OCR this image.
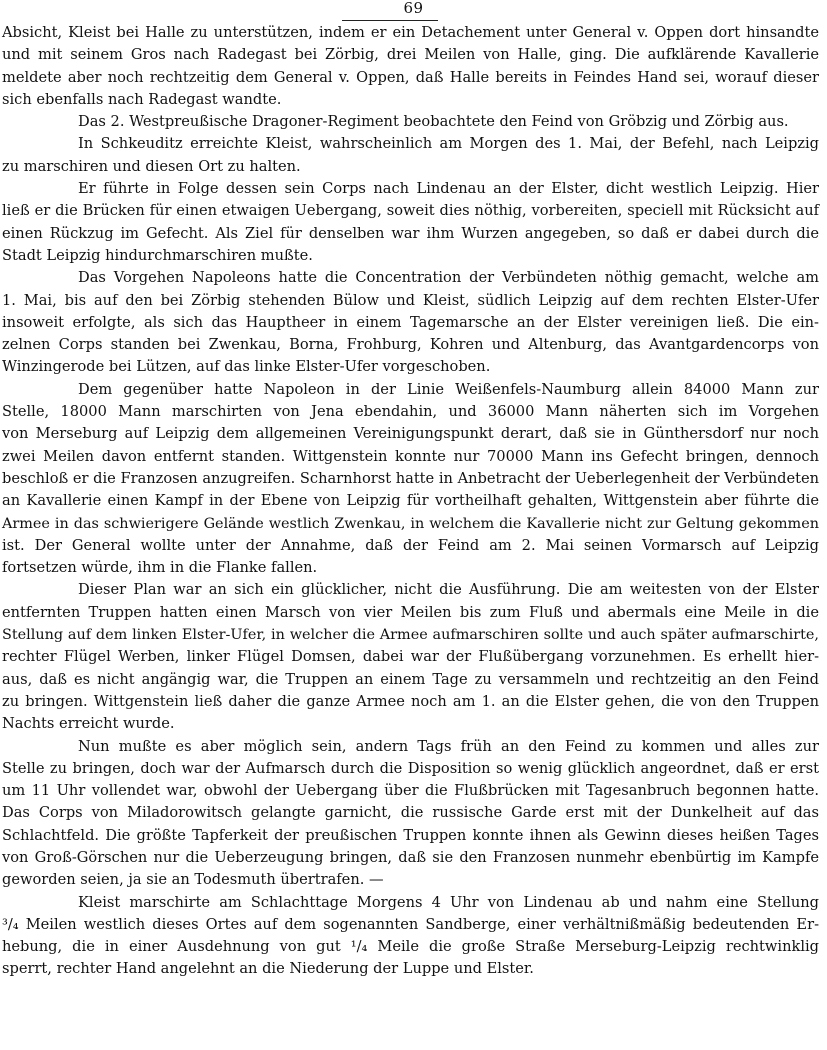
69
Absicht, Kleist bei Halle zu unterstützen, indem er ein Detachement unter General v. Oppen dort hinsandte
und mit seinem Gros nach Radegast bei Zörbig, drei Meilen von Halle, ging. Die aufklärende Kavallerie
meldete aber noch rechtzeitig dem General v. Oppen, daß Halle bereits in Feindes Hand sei, worauf dieser
sich ebenfalls nach Radegast wandte.
Das 2. Westpreußische Dragoner-Regiment beobachtete den Feind von Gröbzig und Zörbig aus.
In Schkeuditz erreichte Kleist, wahrscheinlich am Morgen des 1. Mai, der Befehl, nach Leipzig
zu marschiren und diesen Ort zu halten.
Er führte in Folge dessen sein Corps nach Lindenau an der Elster, dicht westlich Leipzig. Hier
ließ er die Brücken für einen etwaigen Uebergang, soweit dies nöthig, vorbereiten, speciell mit Rücksicht auf
einen Rückzug im Gefecht. Als Ziel für denselben war ihm Wurzen angegeben, so daß er dabei durch die
Stadt Leipzig hindurchmarschiren mußte.
Das Vorgehen Napoleons hatte die Concentration der Verbündeten nöthig gemacht, welche am
1. Mai, bis auf den bei Zörbig stehenden Bülow und Kleist, südlich Leipzig auf dem rechten Elster-Ufer
insoweit erfolgte, als sich das Hauptheer in einem Tagemarsche an der Elster vereinigen ließ. Die ein-
zelnen Corps standen bei Zwenkau, Borna, Frohburg, Kohren und Altenburg, das Avantgardencorps von
Winzingerode bei Lützen, auf das linke Elster-Ufer vorgeschoben.
Dem gegenüber hatte Napoleon in der Linie Weißenfels-Naumburg allein 84000 Mann zur
Stelle, 18000 Mann marschirten von Jena ebendahin, und 36000 Mann näherten sich im Vorgehen
von Merseburg auf Leipzig dem allgemeinen Vereinigungspunkt derart, daß sie in Günthersdorf nur noch
zwei Meilen davon entfernt standen. Wittgenstein konnte nur 70000 Mann ins Gefecht bringen, dennoch
beschloß er die Franzosen anzugreifen. Scharnhorst hatte in Anbetracht der Ueberlegenheit der Verbündeten
an Kavallerie einen Kampf in der Ebene von Leipzig für vortheilhaft gehalten, Wittgenstein aber führte die
Armee in das schwierigere Gelände westlich Zwenkau, in welchem die Kavallerie nicht zur Geltung gekommen
ist. Der General wollte unter der Annahme, daß der Feind am 2. Mai seinen Vormarsch auf Leipzig
fortsetzen würde, ihm in die Flanke fallen.
Dieser Plan war an sich ein glücklicher, nicht die Ausführung. Die am weitesten von der Elster
entfernten Truppen hatten einen Marsch von vier Meilen bis zum Fluß und abermals eine Meile in die
Stellung auf dem linken Elster-Ufer, in welcher die Armee aufmarschiren sollte und auch später aufmarschirte,
rechter Flügel Werben, linker Flügel Domsen, dabei war der Flußübergang vorzunehmen. Es erhellt hier-
aus, daß es nicht angängig war, die Truppen an einem Tage zu versammeln und rechtzeitig an den Feind
zu bringen. Wittgenstein ließ daher die ganze Armee noch am 1. an die Elster gehen, die von den Truppen
Nachts erreicht wurde.
Nun mußte es aber möglich sein, andern Tags früh an den Feind zu kommen und alles zur
Stelle zu bringen, doch war der Aufmarsch durch die Disposition so wenig glücklich angeordnet, daß er erst
um 11 Uhr vollendet war, obwohl der Uebergang über die Flußbrücken mit Tagesanbruch begonnen hatte.
Das Corps von Miladorowitsch gelangte garnicht, die russische Garde erst mit der Dunkelheit auf das
Schlachtfeld. Die größte Tapferkeit der preußischen Truppen konnte ihnen als Gewinn dieses heißen Tages
von Groß-Görschen nur die Ueberzeugung bringen, daß sie den Franzosen nunmehr ebenbürtig im Kampfe
geworden seien, ja sie an Todesmuth übertrafen. —
Kleist marschirte am Schlachttage Morgens 4 Uhr von Lindenau ab und nahm eine Stellung
³/₄ Meilen westlich dieses Ortes auf dem sogenannten Sandberge, einer verhältnißmäßig bedeutenden Er-
hebung, die in einer Ausdehnung von gut ¹/₄ Meile die große Straße Merseburg-Leipzig rechtwinklig
sperrt, rechter Hand angelehnt an die Niederung der Luppe und Elster.
